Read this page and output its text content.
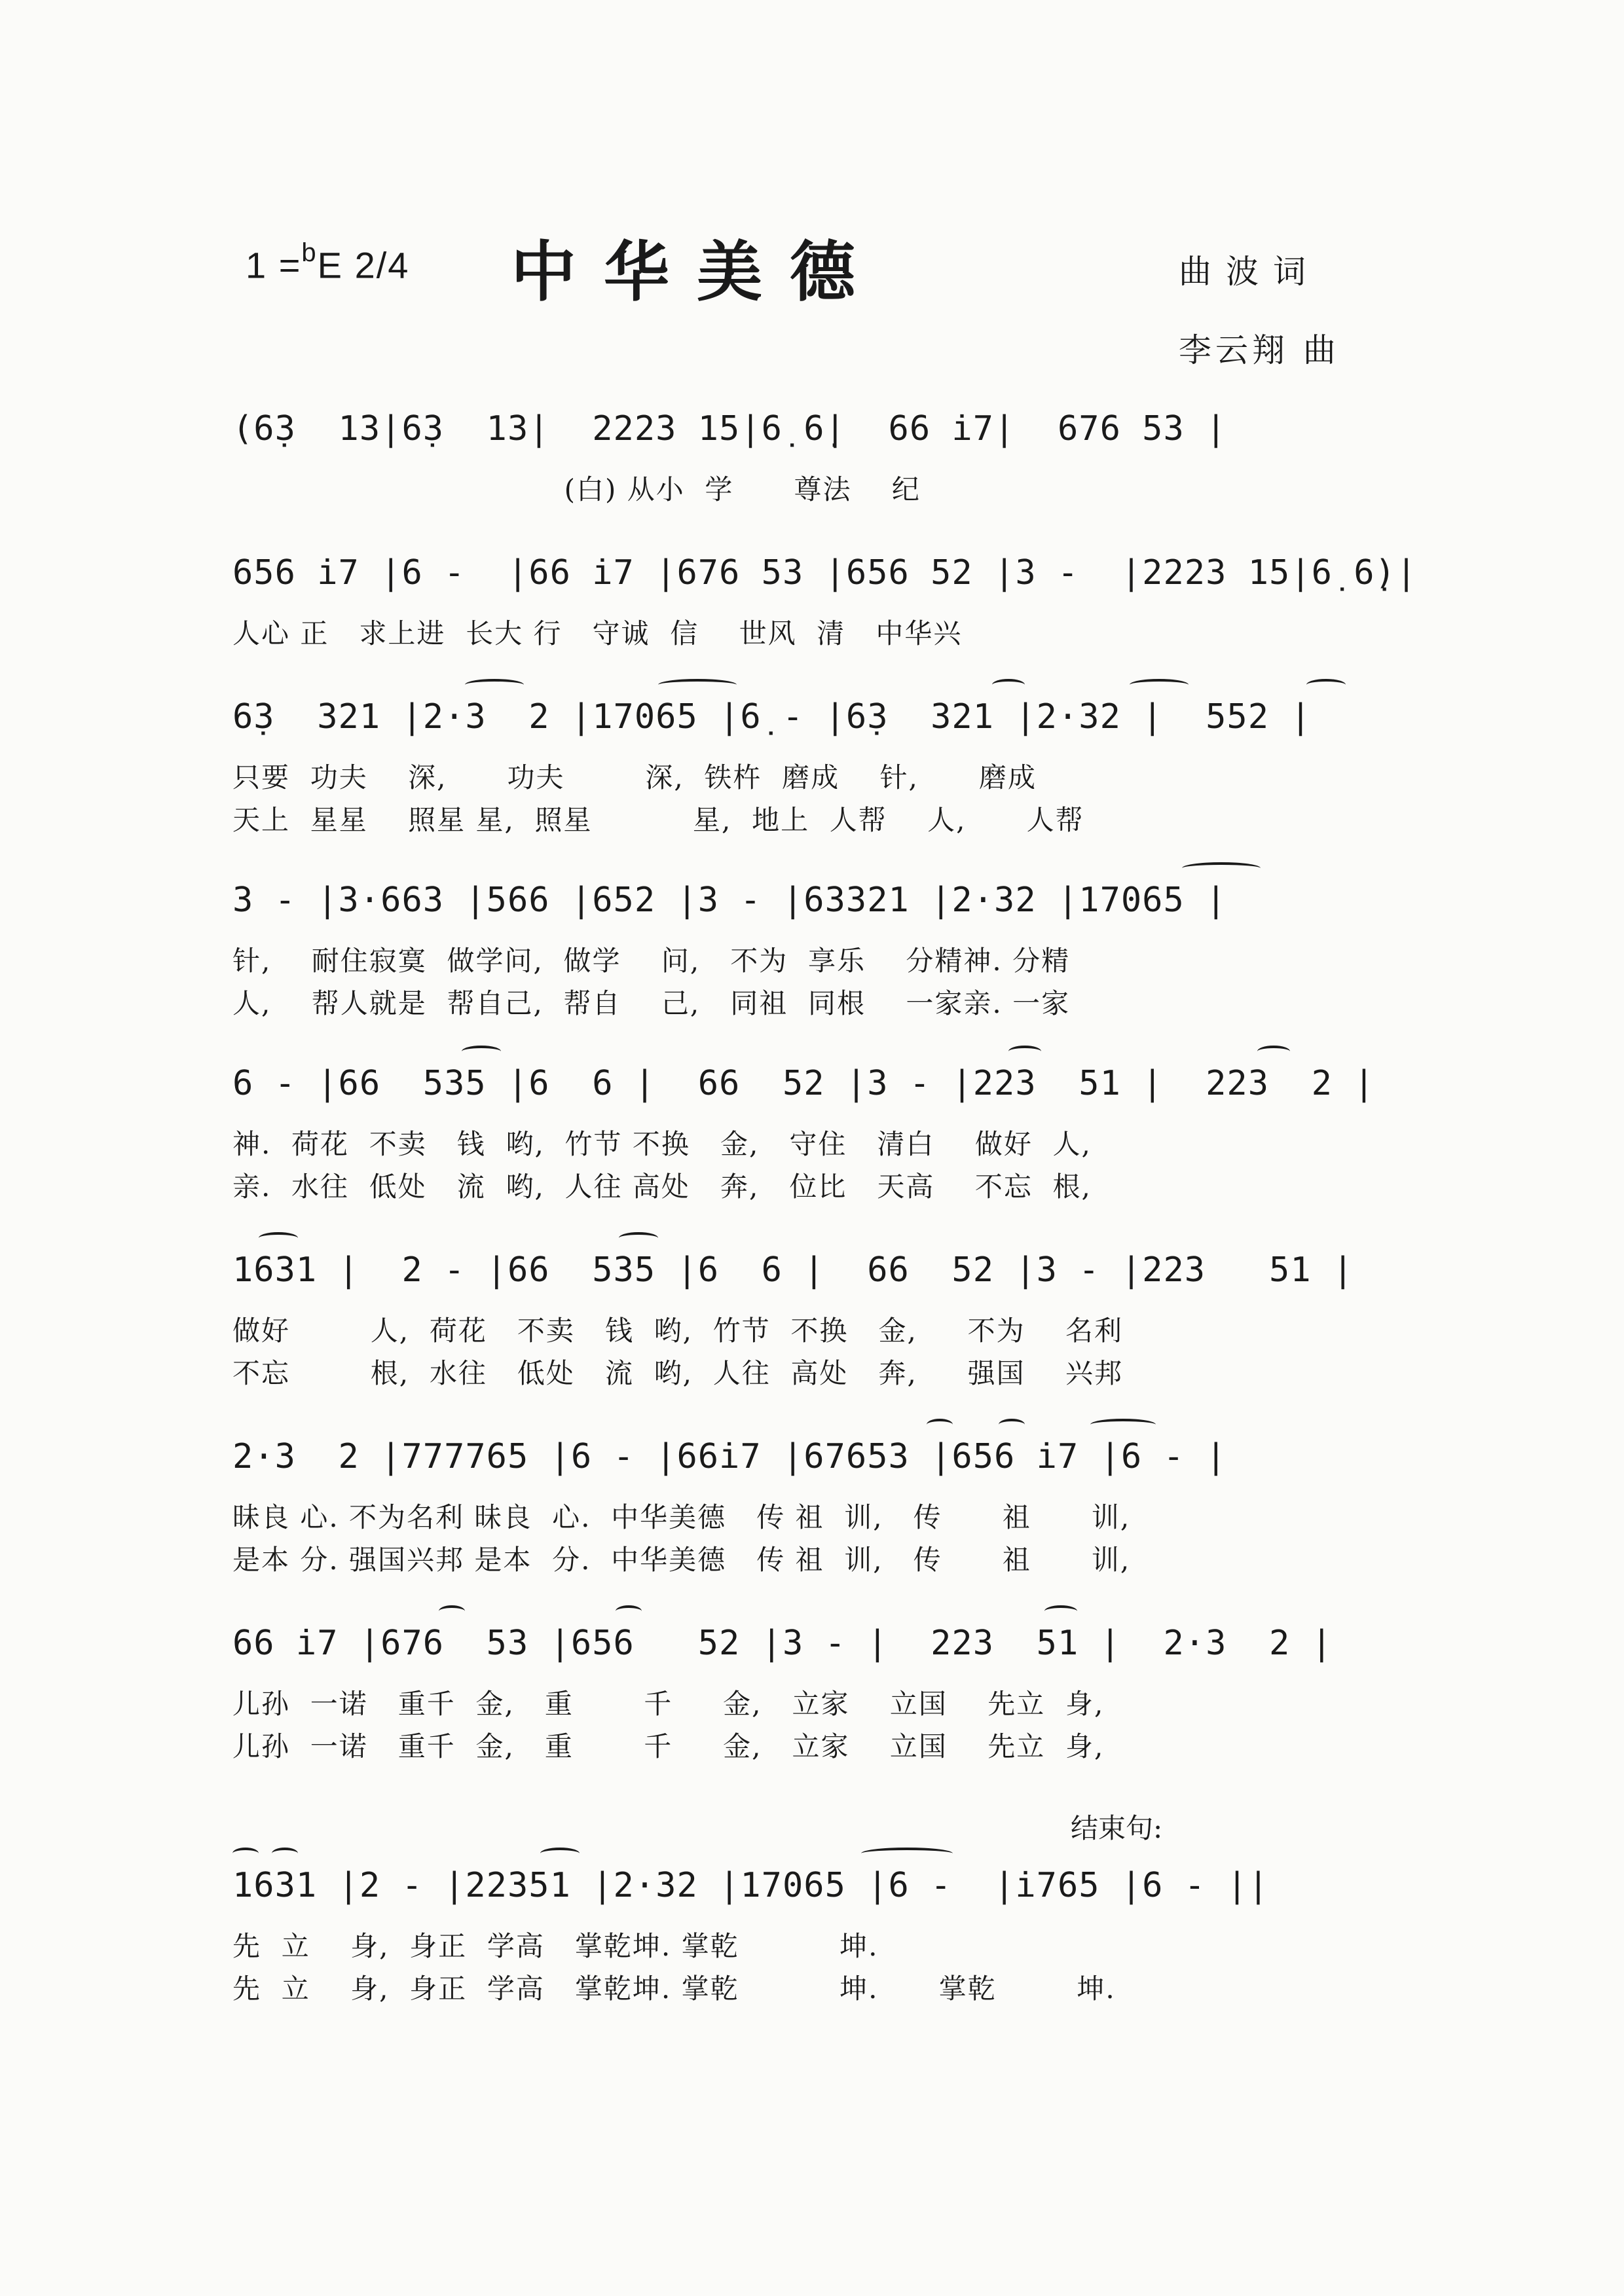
1 =$^b$E 2/4 中华美德	曲波词
李云翔 曲
(6̣3  13|6̣3  13|  2223 15|6̣ 6̣|  66 i̇7|  676 53 |
(白) 从小  学      尊法    纪
656 i̇7 |6 -  |66 i̇7 |676 53 |656 52 |3 -  |2223 15|6̣ 6̣)|
人心 正   求上进  长大 行   守诚  信    世风  清   中华兴
6̣3  321 |2·3  2 |17065 |6̣ - |6̣3  321 |2·32 |  552 |
只要  功夫    深,      功夫        深,  铁杵  磨成    针,      磨成
天上  星星    照星 星,  照星          星,  地上  人帮    人,      人帮
3 - |3·663 |566 |652 |3 - |63321 |2·32 |17065 |
针,    耐住寂寞  做学问,  做学    问,   不为  享乐    分精神. 分精
人,    帮人就是  帮自己,  帮自    己,   同祖  同根    一家亲. 一家
6 - |66  535 |6  6 |  66  52 |3 - |223  51 |  223  2 |
神.  荷花  不卖   钱  哟,  竹节 不换   金,   守住   清白    做好  人,
亲.  水往  低处   流  哟,  人往 高处   奔,   位比   天高    不忘  根,
1631 |  2 - |66  535 |6  6 |  66  52 |3 - |223   51 |
做好        人,  荷花   不卖   钱  哟,  竹节  不换   金,     不为    名利
不忘        根,  水往   低处   流  哟,  人往  高处   奔,     强国    兴邦
2·3  2 |777765 |6 - |66i̇7 |67653 |656 i̇7 |6 - |
昧良 心. 不为名利 昧良  心.  中华美德   传 祖  训,   传      祖      训,
是本 分. 强国兴邦 是本  分.  中华美德   传 祖  训,   传      祖      训,
66 i̇7 |676  53 |656   52 |3 - |  223  51 |  2·3  2 |
儿孙  一诺   重千  金,   重       千     金,   立家    立国    先立  身,
儿孙  一诺   重千  金,   重       千     金,   立家    立国    先立  身,
结束句:
1631 |2 - |22351 |2·32 |17065 |6 -  |i̇765 |6 - ||
先  立    身,  身正  学高   掌乾坤. 掌乾          坤.
先  立    身,  身正  学高   掌乾坤. 掌乾          坤.      掌乾        坤.
